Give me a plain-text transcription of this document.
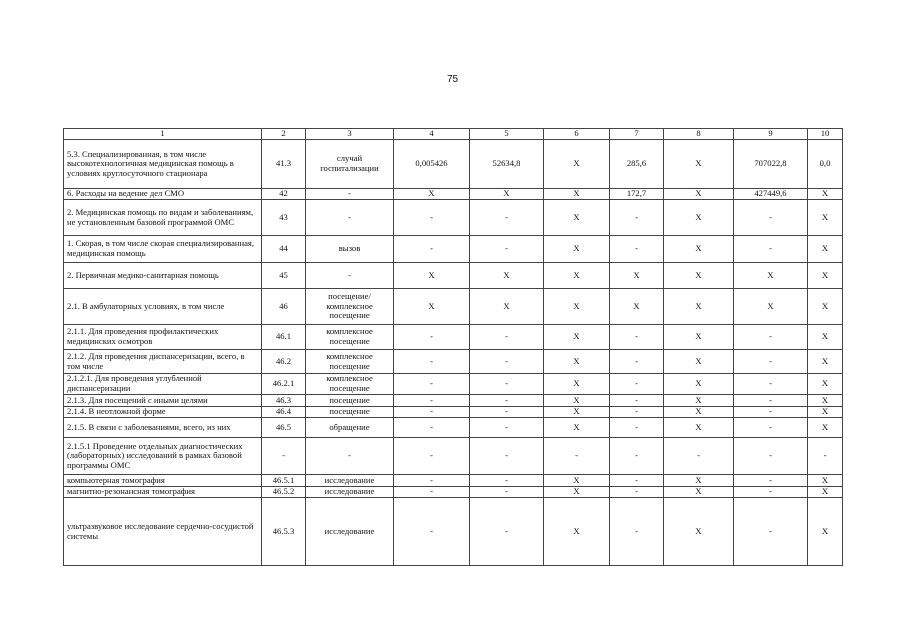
75
1	2	3	4	5	6	7	8	9	10
5.3. Специализированная, в том числе высокотехнологичная медицинская помощь в условиях круглосуточного стационара	41.3	случай госпитализации	0,005426	52634,8	X	285,6	X	707022,8	0,0
6. Расходы на ведение дел СМО	42	-	X	X	X	172,7	X	427449,6	X
2. Медицинская помощь по видам и заболеваниям, не установленным базовой программой ОМС	43	-	-	-	X	-	X	-	X
1. Скорая, в том числе скорая специализированная, медицинская помощь	44	вызов	-	-	X	-	X	-	X
2. Первичная медико-санитарная помощь	45	-	X	X	X	X	X	X	X
2.1. В амбулаторных условиях, в том числе	46	посещение/ комплексное посещение	X	X	X	X	X	X	X
2.1.1. Для проведения профилактических медицинских осмотров	46.1	комплексное посещение	-	-	X	-	X	-	X
2.1.2. Для проведения диспансеризации, всего, в том числе	46.2	комплексное посещение	-	-	X	-	X	-	X
2.1.2.1. Для проведения углубленной диспансеризации	46.2.1	комплексное посещение	-	-	X	-	X	-	X
2.1.3. Для посещений с иными целями	46.3	посещение	-	-	X	-	X	-	X
2.1.4. В неотложной форме	46.4	посещение	-	-	X	-	X	-	X
2.1.5. В связи с заболеваниями, всего, из них	46.5	обращение	-	-	X	-	X	-	X
2.1.5.1 Проведение отдельных диагностических (лабораторных) исследований в рамках базовой программы ОМС	-	-	-	-	-	-	-	-	-
компьютерная томография	46.5.1	исследование	-	-	X	-	X	-	X
магнитно-резонансная томография	46.5.2	исследование	-	-	X	-	X	-	X
ультразвуковое исследование сердечно-сосудистой системы	46.5.3	исследование	-	-	X	-	X	-	X
